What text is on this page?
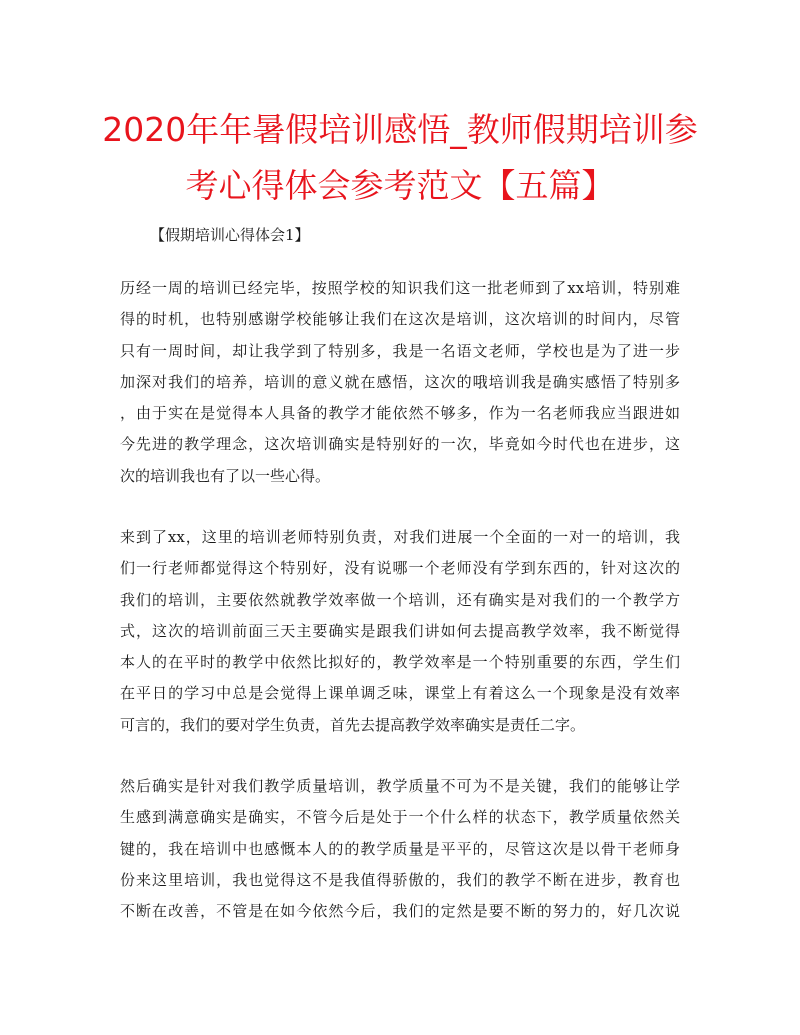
2020年年暑假培训感悟_教师假期培训参
考心得体会参考范文【五篇】
【假期培训心得体会1】
历经一周的培训已经完毕，按照学校的知识我们这一批老师到了xx培训，特别难
得的时机，也特别感谢学校能够让我们在这次是培训，这次培训的时间内，尽管
只有一周时间，却让我学到了特别多，我是一名语文老师，学校也是为了进一步
加深对我们的培养，培训的意义就在感悟，这次的哦培训我是确实感悟了特别多
，由于实在是觉得本人具备的教学才能依然不够多，作为一名老师我应当跟进如
今先进的教学理念，这次培训确实是特别好的一次，毕竟如今时代也在进步，这
次的培训我也有了以一些心得。
来到了xx，这里的培训老师特别负责，对我们进展一个全面的一对一的培训，我
们一行老师都觉得这个特别好，没有说哪一个老师没有学到东西的，针对这次的
我们的培训，主要依然就教学效率做一个培训，还有确实是对我们的一个教学方
式，这次的培训前面三天主要确实是跟我们讲如何去提高教学效率，我不断觉得
本人的在平时的教学中依然比拟好的，教学效率是一个特别重要的东西，学生们
在平日的学习中总是会觉得上课单调乏味，课堂上有着这么一个现象是没有效率
可言的，我们的要对学生负责，首先去提高教学效率确实是责任二字。
然后确实是针对我们教学质量培训，教学质量不可为不是关键，我们的能够让学
生感到满意确实是确实，不管今后是处于一个什么样的状态下，教学质量依然关
键的，我在培训中也感慨本人的的教学质量是平平的，尽管这次是以骨干老师身
份来这里培训，我也觉得这不是我值得骄傲的，我们的教学不断在进步，教育也
不断在改善，不管是在如今依然今后，我们的定然是要不断的努力的，好几次说
